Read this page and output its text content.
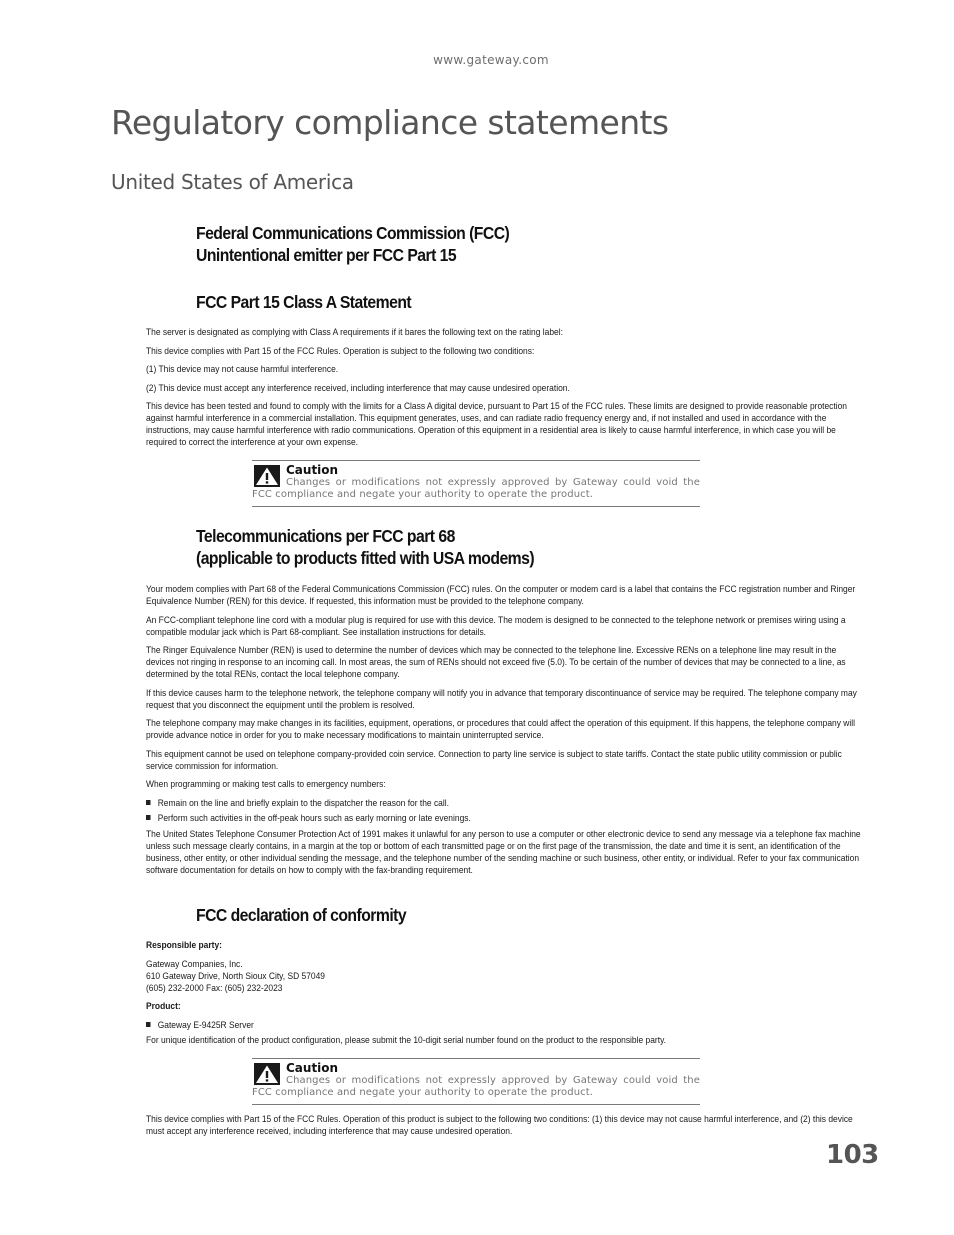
www.gateway.com
Regulatory compliance statements
United States of America
Federal Communications Commission (FCC)
Unintentional emitter per FCC Part 15
FCC Part 15 Class A Statement

The server is designated as complying with Class A requirements if it bares the following text on the rating label:

This device complies with Part 15 of the FCC Rules. Operation is subject to the following two conditions:

(1) This device may not cause harmful interference.

(2) This device must accept any interference received, including interference that may cause undesired operation.

This device has been tested and found to comply with the limits for a Class A digital device, pursuant to Part 15 of the FCC rules. These limits are designed to provide reasonable protection against harmful interference in a commercial installation. This equipment generates, uses, and can radiate radio frequency energy and, if not installed and used in accordance with the instructions, may cause harmful interference with radio communications. Operation of this equipment in a residential area is likely to cause harmful interference, in which case you will be required to correct the interference at your own expense.

Caution
Changes or modifications not expressly approved by Gateway could void the FCC compliance and negate your authority to operate the product.
Telecommunications per FCC part 68
(applicable to products fitted with USA modems)

Your modem complies with Part 68 of the Federal Communications Commission (FCC) rules. On the computer or modem card is a label that contains the FCC registration number and Ringer Equivalence Number (REN) for this device. If requested, this information must be provided to the telephone company.

An FCC-compliant telephone line cord with a modular plug is required for use with this device. The modem is designed to be connected to the telephone network or premises wiring using a compatible modular jack which is Part 68-compliant. See installation instructions for details.

The Ringer Equivalence Number (REN) is used to determine the number of devices which may be connected to the telephone line. Excessive RENs on a telephone line may result in the devices not ringing in response to an incoming call. In most areas, the sum of RENs should not exceed five (5.0). To be certain of the number of devices that may be connected to a line, as determined by the total RENs, contact the local telephone company.

If this device causes harm to the telephone network, the telephone company will notify you in advance that temporary discontinuance of service may be required. The telephone company may request that you disconnect the equipment until the problem is resolved.

The telephone company may make changes in its facilities, equipment, operations, or procedures that could affect the operation of this equipment. If this happens, the telephone company will provide advance notice in order for you to make necessary modifications to maintain uninterrupted service.

This equipment cannot be used on telephone company-provided coin service. Connection to party line service is subject to state tariffs. Contact the state public utility commission or public service commission for information.

When programming or making test calls to emergency numbers:

Remain on the line and briefly explain to the dispatcher the reason for the call.
Perform such activities in the off-peak hours such as early morning or late evenings.

The United States Telephone Consumer Protection Act of 1991 makes it unlawful for any person to use a computer or other electronic device to send any message via a telephone fax machine unless such message clearly contains, in a margin at the top or bottom of each transmitted page or on the first page of the transmission, the date and time it is sent, an identification of the business, other entity, or other individual sending the message, and the telephone number of the sending machine or such business, other entity, or individual. Refer to your fax communication software documentation for details on how to comply with the fax-branding requirement.

FCC declaration of conformity

Responsible party:

Gateway Companies, Inc.
610 Gateway Drive, North Sioux City, SD 57049
(605) 232-2000 Fax: (605) 232-2023

Product:

Gateway E-9425R Server

For unique identification of the product configuration, please submit the 10-digit serial number found on the product to the responsible party.

Caution
Changes or modifications not expressly approved by Gateway could void the FCC compliance and negate your authority to operate the product.

This device complies with Part 15 of the FCC Rules. Operation of this product is subject to the following two conditions: (1) this device may not cause harmful interference, and (2) this device must accept any interference received, including interference that may cause undesired operation.

103
